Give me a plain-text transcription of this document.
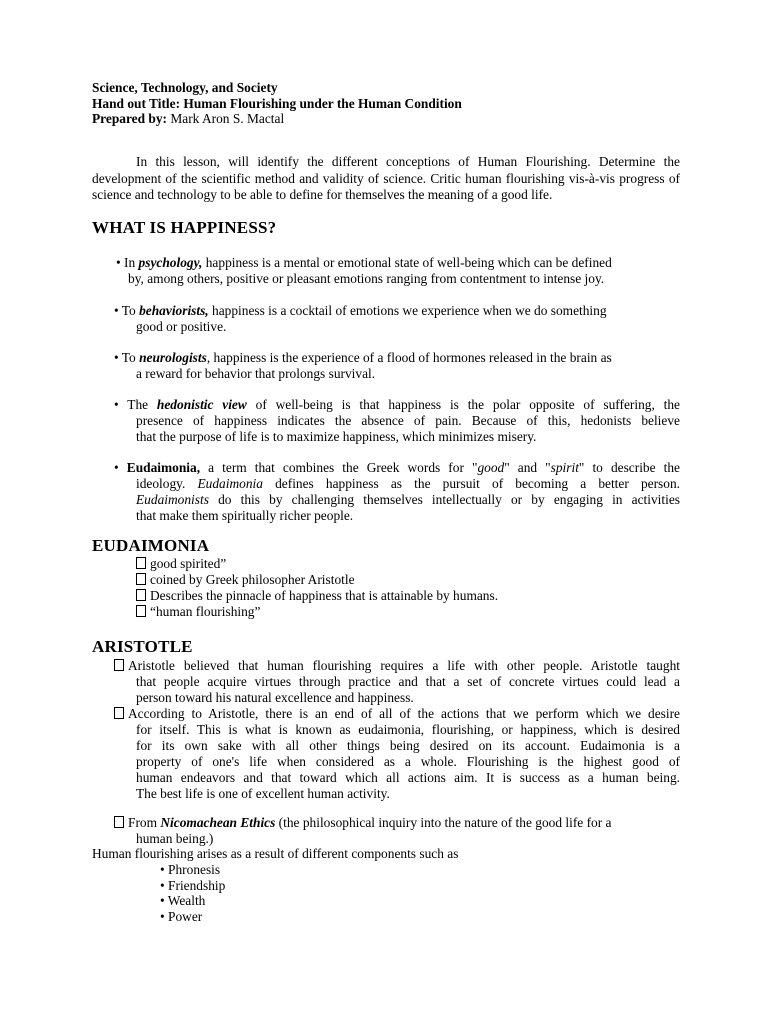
Science, Technology, and Society
Hand out Title: Human Flourishing under the Human Condition
Prepared by: Mark Aron S. Mactal

In this lesson, will identify the different conceptions of Human Flourishing. Determine the development of the scientific method and validity of science. Critic human flourishing vis-à-vis progress of science and technology to be able to define for themselves the meaning of a good life.

WHAT IS HAPPINESS?
• In psychology, happiness is a mental or emotional state of well-being which can be defined
by, among others, positive or pleasant emotions ranging from contentment to intense joy.
• To behaviorists, happiness is a cocktail of emotions we experience when we do something
good or positive.
• To neurologists, happiness is the experience of a flood of hormones released in the brain as
a reward for behavior that prolongs survival.
• The hedonistic view of well-being is that happiness is the polar opposite of suffering, the
presence of happiness indicates the absence of pain. Because of this, hedonists believe
that the purpose of life is to maximize happiness, which minimizes misery.
• Eudaimonia, a term that combines the Greek words for "good" and "spirit" to describe the
ideology. Eudaimonia defines happiness as the pursuit of becoming a better person.
Eudaimonists do this by challenging themselves intellectually or by engaging in activities
that make them spiritually richer people.
EUDAIMONIA
good spirited”
coined by Greek philosopher Aristotle
Describes the pinnacle of happiness that is attainable by humans.
“human flourishing”
ARISTOTLE
Aristotle believed that human flourishing requires a life with other people. Aristotle taught
that people acquire virtues through practice and that a set of concrete virtues could lead a
person toward his natural excellence and happiness.
According to Aristotle, there is an end of all of the actions that we perform which we desire
for itself. This is what is known as eudaimonia, flourishing, or happiness, which is desired
for its own sake with all other things being desired on its account. Eudaimonia is a
property of one's life when considered as a whole. Flourishing is the highest good of
human endeavors and that toward which all actions aim. It is success as a human being.
The best life is one of excellent human activity.
From Nicomachean Ethics (the philosophical inquiry into the nature of the good life for a
human being.)
Human flourishing arises as a result of different components such as
• Phronesis
• Friendship
• Wealth
• Power
